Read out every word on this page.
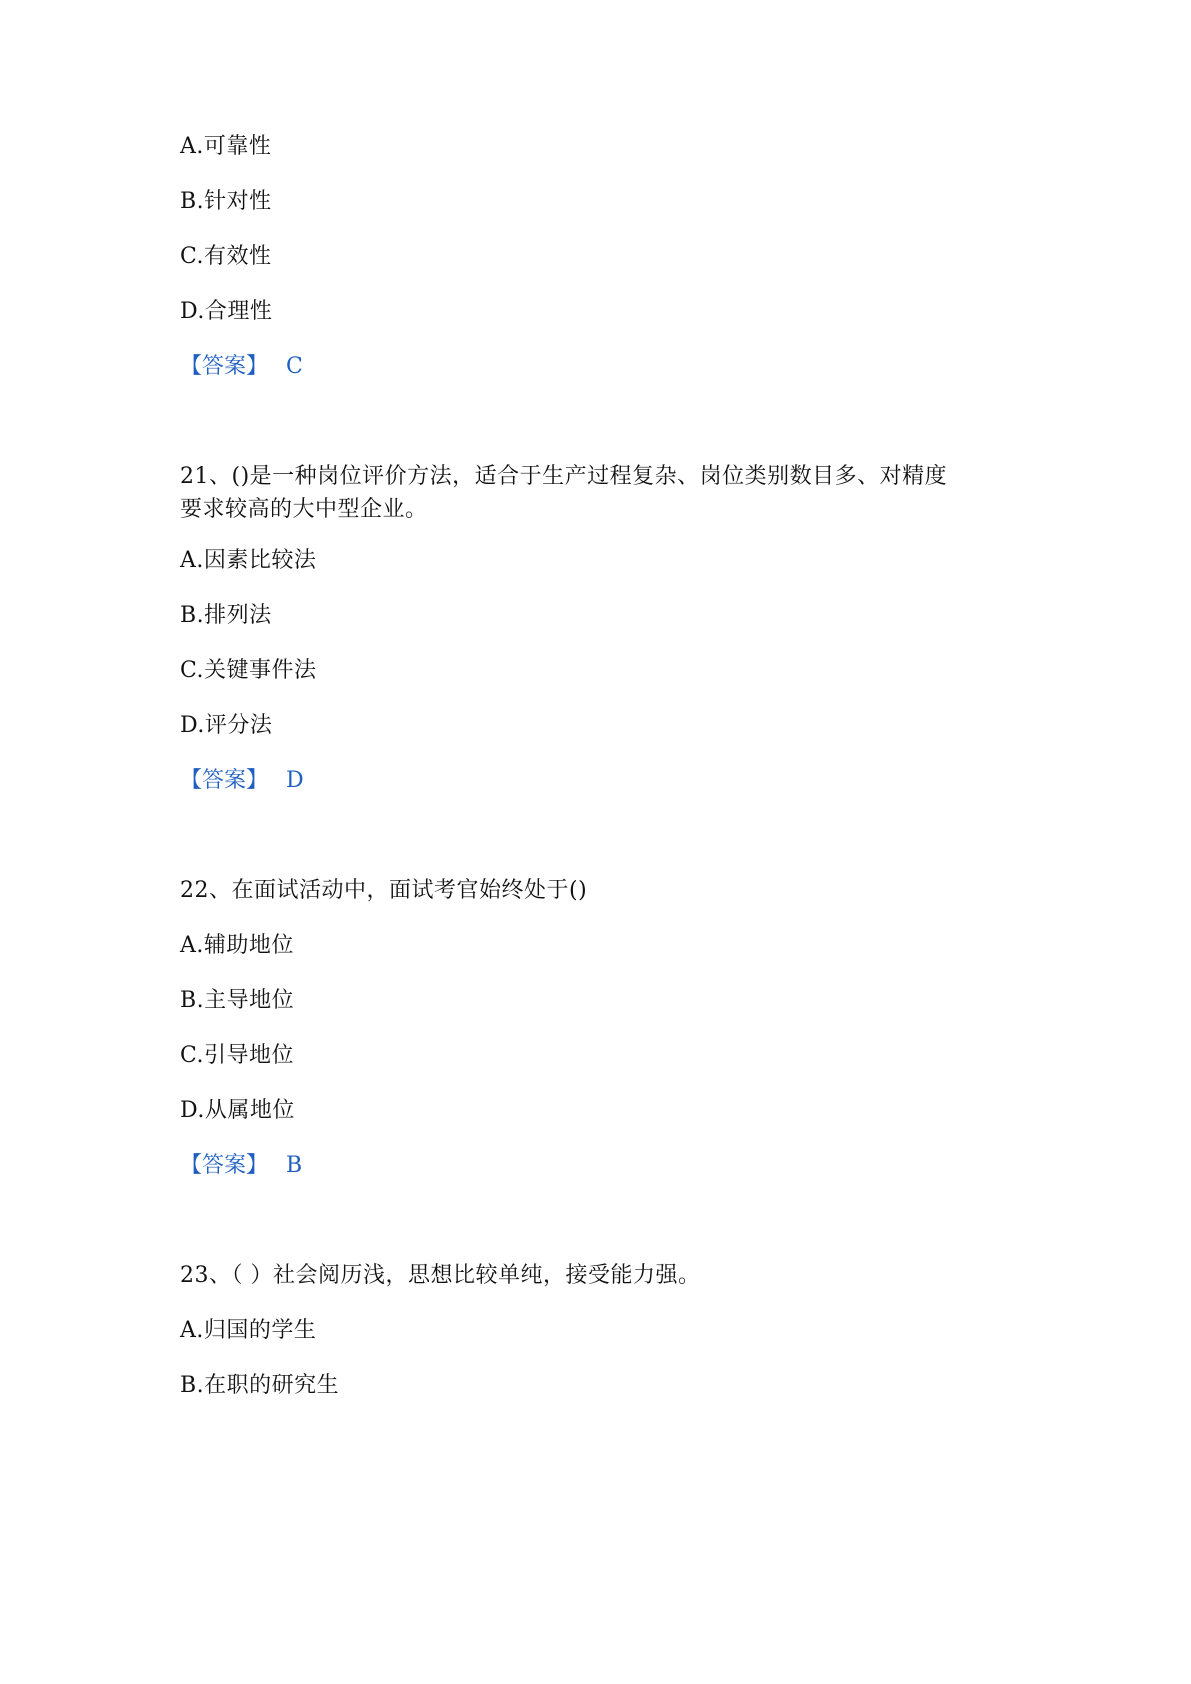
A.可靠性
B.针对性
C.有效性
D.合理性
【答案】 C
21、()是一种岗位评价方法，适合于生产过程复杂、岗位类别数目多、对精度
要求较高的大中型企业。
A.因素比较法
B.排列法
C.关键事件法
D.评分法
【答案】 D
22、在面试活动中，面试考官始终处于()
A.辅助地位
B.主导地位
C.引导地位
D.从属地位
【答案】 B
23、（ ）社会阅历浅，思想比较单纯，接受能力强。
A.归国的学生
B.在职的研究生
